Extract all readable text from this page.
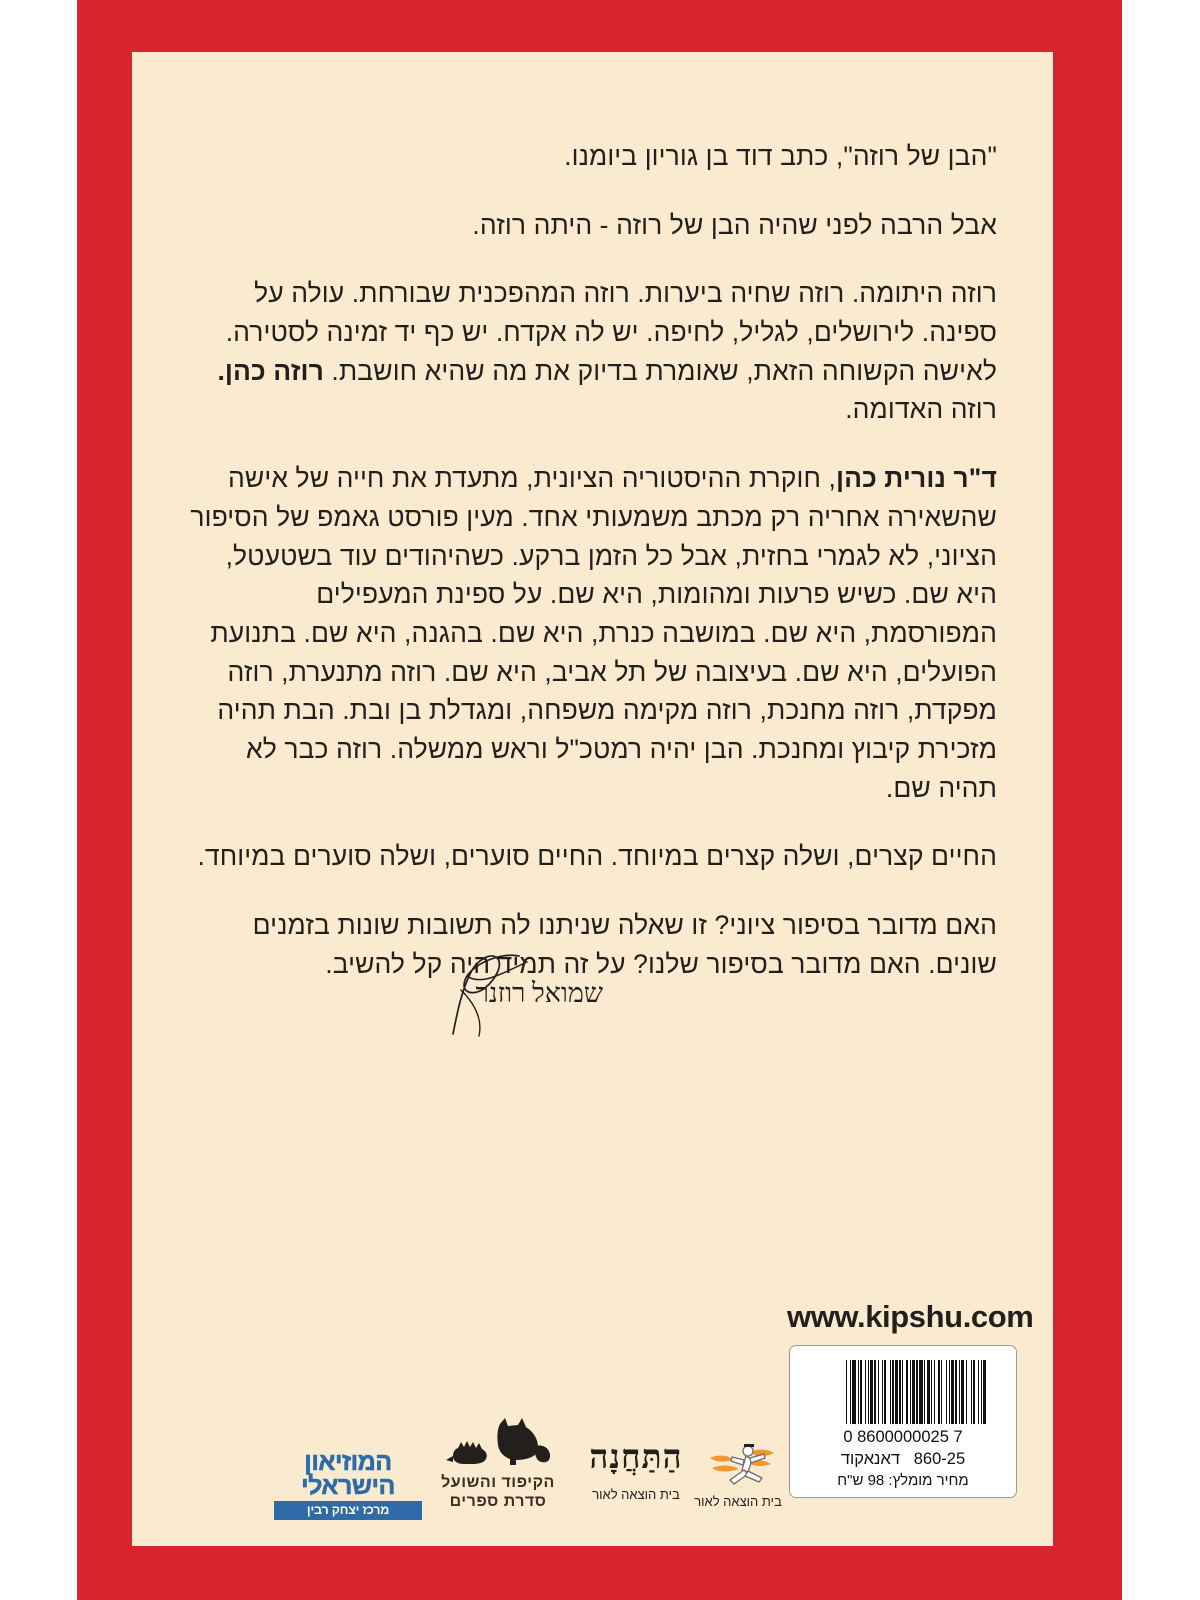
"הבן של רוזה", כתב דוד בן גוריון ביומנו.

אבל הרבה לפני שהיה הבן של רוזה - היתה רוזה.

רוזה היתומה. רוזה שחיה ביערות. רוזה המהפכנית שבורחת. עולה על ספינה. לירושלים, לגליל, לחיפה. יש לה אקדח. יש כף יד זמינה לסטירה. לאישה הקשוחה הזאת, שאומרת בדיוק את מה שהיא חושבת. רוזה כהן. רוזה האדומה.

ד"ר נורית כהן, חוקרת ההיסטוריה הציונית, מתעדת את חייה של אישה שהשאירה אחריה רק מכתב משמעותי אחד. מעין פורסט גאמפ של הסיפור הציוני, לא לגמרי בחזית, אבל כל הזמן ברקע. כשהיהודים עוד בשטעטל, היא שם. כשיש פרעות ומהומות, היא שם. על ספינת המעפילים המפורסמת, היא שם. במושבה כנרת, היא שם. בהגנה, היא שם. בתנועת הפועלים, היא שם. בעיצובה של תל אביב, היא שם. רוזה מתנערת, רוזה מפקדת, רוזה מחנכת, רוזה מקימה משפחה, ומגדלת בן ובת. הבת תהיה מזכירת קיבוץ ומחנכת. הבן יהיה רמטכ"ל וראש ממשלה. רוזה כבר לא תהיה שם.

החיים קצרים, ושלה קצרים במיוחד. החיים סוערים, ושלה סוערים במיוחד.

האם מדובר בסיפור ציוני? זו שאלה שניתנו לה תשובות שונות בזמנים שונים. האם מדובר בסיפור שלנו? על זה תמיד היה קל להשיב.

שמואל רוזנר
www.kipshu.com
0 8600000025 7
860-25   דאנאקוד
מחיר מומלץ: 98 ש"ח
המוזיאון
הישראלי
מרכז יצחק רבין
הקיפוד והשועל
סדרת ספרים
הַתַּחֲנָה
בית הוצאה לאור	בית הוצאה לאור
